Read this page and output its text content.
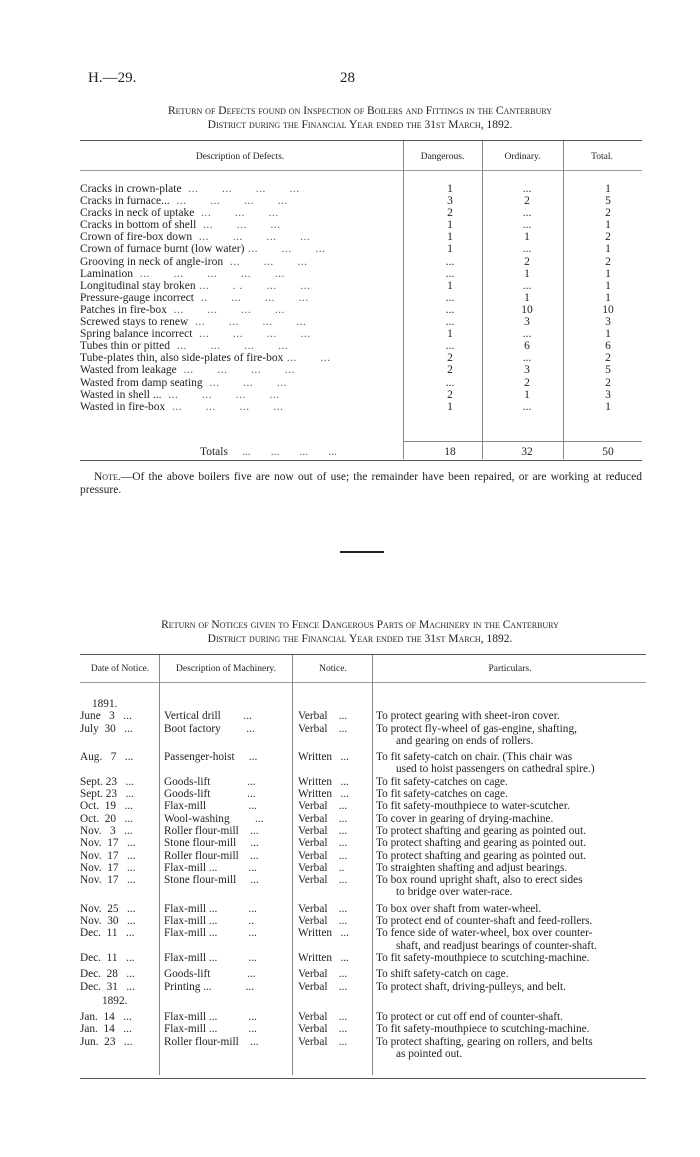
H.—29.	28
Return of Defects found on Inspection of Boilers and Fittings in the Canterbury
District during the Financial Year ended the 31st March, 1892.
Description of Defects.	Dangerous.	Ordinary.	Total.
Cracks in crown-plate  ...       ...       ...       ...	1	...	1
Cracks in furnace...  ...       ...       ...       ...	3	2	5
Cracks in neck of uptake  ...       ...       ...	2	...	2
Cracks in bottom of shell  ...       ...       ...	1	...	1
Crown of fire-box down  ...       ...       ...       ...	1	1	2
Crown of furnace burnt (low water) ...       ...       ...	1	...	1
Grooving in neck of angle-iron  ...       ...       ...	...	2	2
Lamination  ...       ...       ...       ...       ...	...	1	1
Longitudinal stay broken ...       . .       ...       ...	1	...	1
Pressure-gauge incorrect  ..       ...       ...       ...	...	1	1
Patches in fire-box  ...       ...       ...       ...	...	10	10
Screwed stays to renew  ...       ...       ...       ...	...	3	3
Spring balance incorrect  ...       ...       ...       ...	1	...	1
Tubes thin or pitted  ...       ...       ...       ...	...	6	6
Tube-plates thin, also side-plates of fire-box ...       ...	2	...	2
Wasted from leakage  ...       ...       ...       ...	2	3	5
Wasted from damp seating  ...       ...       ...	...	2	2
Wasted in shell ...  ...       ...       ...       ...	2	1	3
Wasted in fire-box  ...       ...       ...       ...	1	...	1
Totals ...       ...       ...       ...	18	32	50
Note.—Of the above boilers five are now out of use; the remainder have been repaired, or are working at reduced pressure.
Return of Notices given to Fence Dangerous Parts of Machinery in the Canterbury
District during the Financial Year ended the 31st March, 1892.
Date of Notice.	Description of Machinery.	Notice.	Particulars.
1891.
June   3   ...	Vertical drill        ...	Verbal    ...	To protect gearing with sheet-iron cover.
July  30   ...	Boot factory         ...	Verbal    ...	To protect fly-wheel of gas-engine, shafting,
and gearing on ends of rollers.
Aug.   7   ...	Passenger-hoist     ...	Written   ...	To fit safety-catch on chair. (This chair was
used to hoist passengers on cathedral spire.)
Sept. 23   ...	Goods-lift             ...	Written   ...	To fit safety-catches on cage.
Sept. 23   ...	Goods-lift             ...	Written   ...	To fit safety-catches on cage.
Oct.  19   ...	Flax-mill               ...	Verbal    ...	To fit safety-mouthpiece to water-scutcher.
Oct.  20   ...	Wool-washing         ...	Verbal    ...	To cover in gearing of drying-machine.
Nov.   3   ...	Roller flour-mill    ...	Verbal    ...	To protect shafting and gearing as pointed out.
Nov.  17   ...	Stone flour-mill     ...	Verbal    ...	To protect shafting and gearing as pointed out.
Nov.  17   ...	Roller flour-mill    ...	Verbal    ...	To protect shafting and gearing as pointed out.
Nov.  17   ...	Flax-mill ...           ...	Verbal    ..	To straighten shafting and adjust bearings.
Nov.  17   ...	Stone flour-mill     ...	Verbal    ...	To box round upright shaft, also to erect sides
to bridge over water-race.
Nov.  25   ...	Flax-mill ...           ...	Verbal    ...	To box over shaft from water-wheel.
Nov.  30   ...	Flax-mill ...           ..	Verbal    ...	To protect end of counter-shaft and feed-rollers.
Dec.  11   ...	Flax-mill ...           ...	Written   ...	To fence side of water-wheel, box over counter-
shaft, and readjust bearings of counter-shaft.
Dec.  11   ...	Flax-mill ...           ...	Written   ...	To fit safety-mouthpiece to scutching-machine.
Dec.  28   ...	Goods-lift             ...	Verbal    ...	To shift safety-catch on cage.
Dec.  31   ...	Printing ...            ...	Verbal    ...	To protect shaft, driving-pulleys, and belt.
1892.
Jan.  14   ...	Flax-mill ...           ...	Verbal    ...	To protect or cut off end of counter-shaft.
Jan.  14   ...	Flax-mill ...           ...	Verbal    ...	To fit safety-mouthpiece to scutching-machine.
Jun.  23   ...	Roller flour-mill    ...	Verbal    ...	To protect shafting, gearing on rollers, and belts
as pointed out.
